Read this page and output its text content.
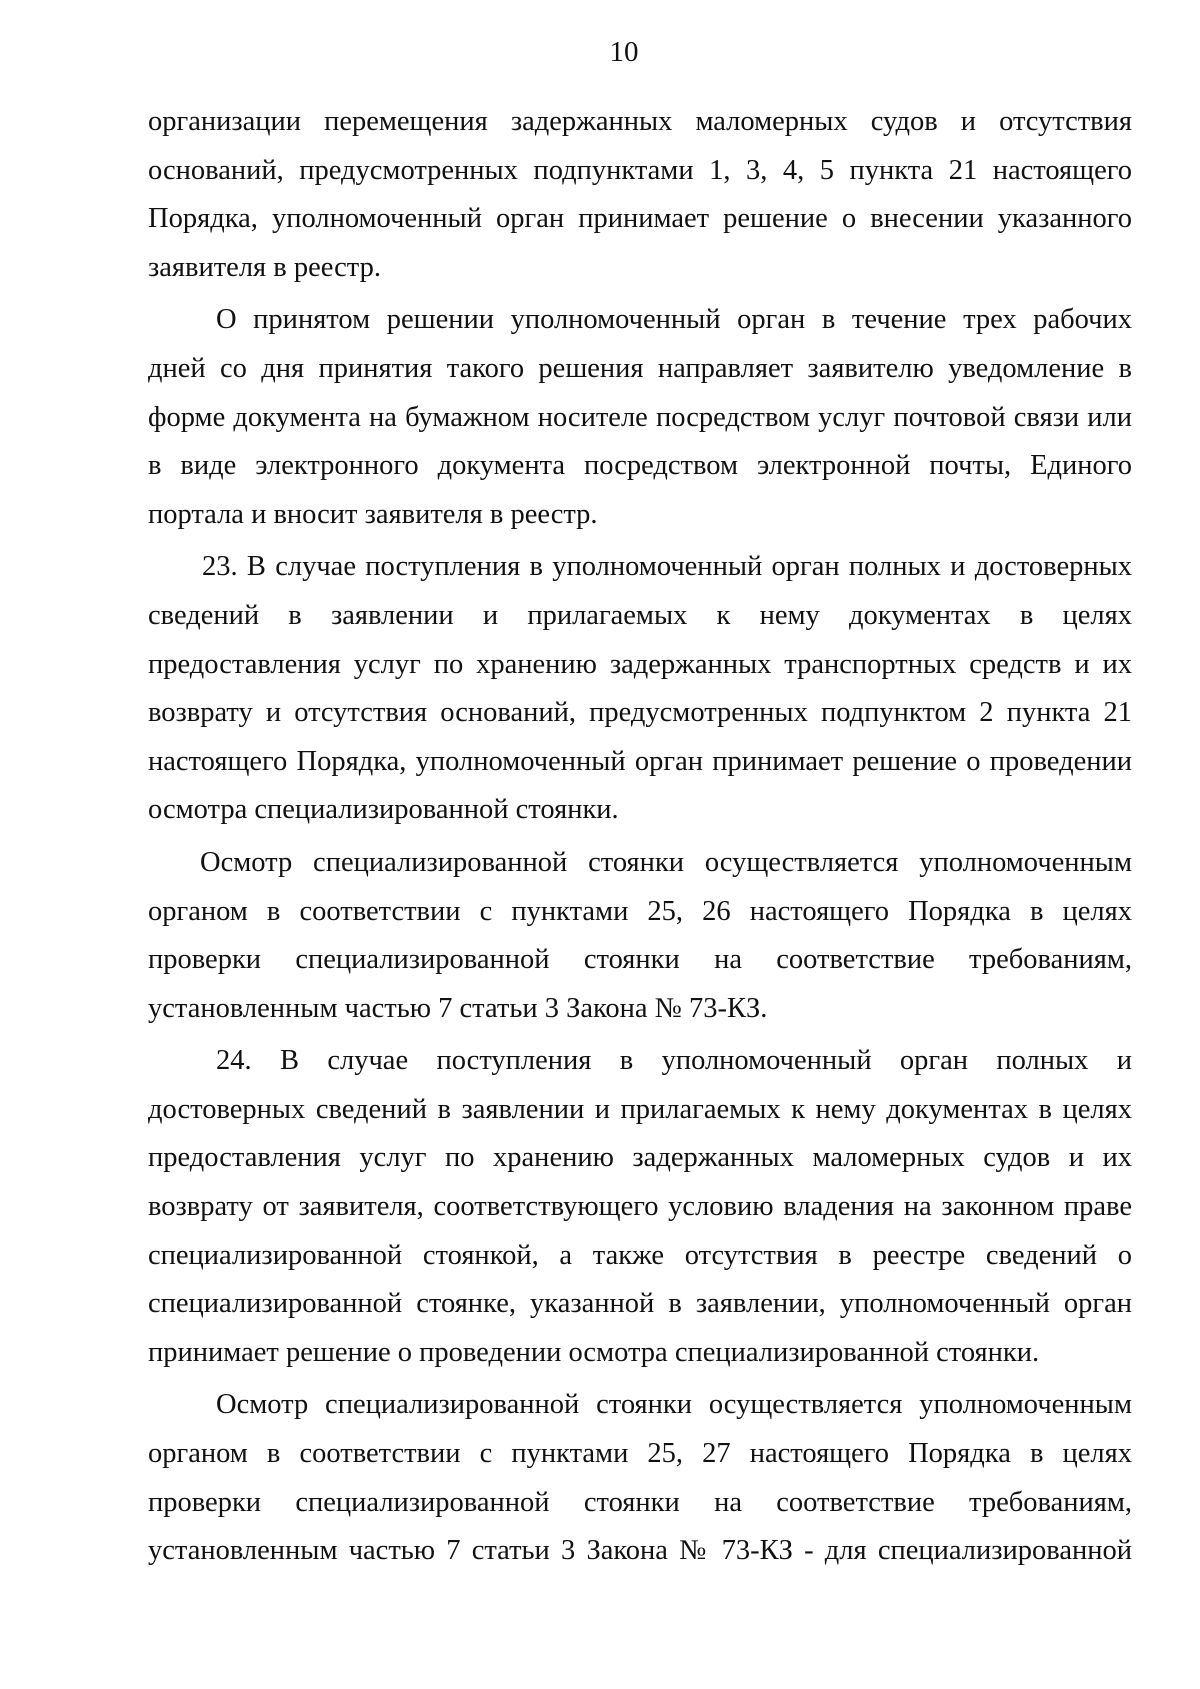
10
организации перемещения задержанных маломерных судов и отсутствия
оснований, предусмотренных подпунктами 1, 3, 4, 5 пункта 21 настоящего
Порядка, уполномоченный орган принимает решение о внесении указанного
заявителя в реестр.
О принятом решении уполномоченный орган в течение трех рабочих
дней со дня принятия такого решения направляет заявителю уведомление в
форме документа на бумажном носителе посредством услуг почтовой связи или
в виде электронного документа посредством электронной почты, Единого
портала и вносит заявителя в реестр.
23. В случае поступления в уполномоченный орган полных и достоверных
сведений в заявлении и прилагаемых к нему документах в целях
предоставления услуг по хранению задержанных транспортных средств и их
возврату и отсутствия оснований, предусмотренных подпунктом 2 пункта 21
настоящего Порядка, уполномоченный орган принимает решение о проведении
осмотра специализированной стоянки.
Осмотр специализированной стоянки осуществляется уполномоченным
органом в соответствии с пунктами 25, 26 настоящего Порядка в целях
проверки специализированной стоянки на соответствие требованиям,
установленным частью 7 статьи 3 Закона № 73-КЗ.
24. В случае поступления в уполномоченный орган полных и
достоверных сведений в заявлении и прилагаемых к нему документах в целях
предоставления услуг по хранению задержанных маломерных судов и их
возврату от заявителя, соответствующего условию владения на законном праве
специализированной стоянкой, а также отсутствия в реестре сведений о
специализированной стоянке, указанной в заявлении, уполномоченный орган
принимает решение о проведении осмотра специализированной стоянки.
Осмотр специализированной стоянки осуществляется уполномоченным
органом в соответствии с пунктами 25, 27 настоящего Порядка в целях
проверки специализированной стоянки на соответствие требованиям,
установленным частью 7 статьи 3 Закона № 73-КЗ - для специализированной
